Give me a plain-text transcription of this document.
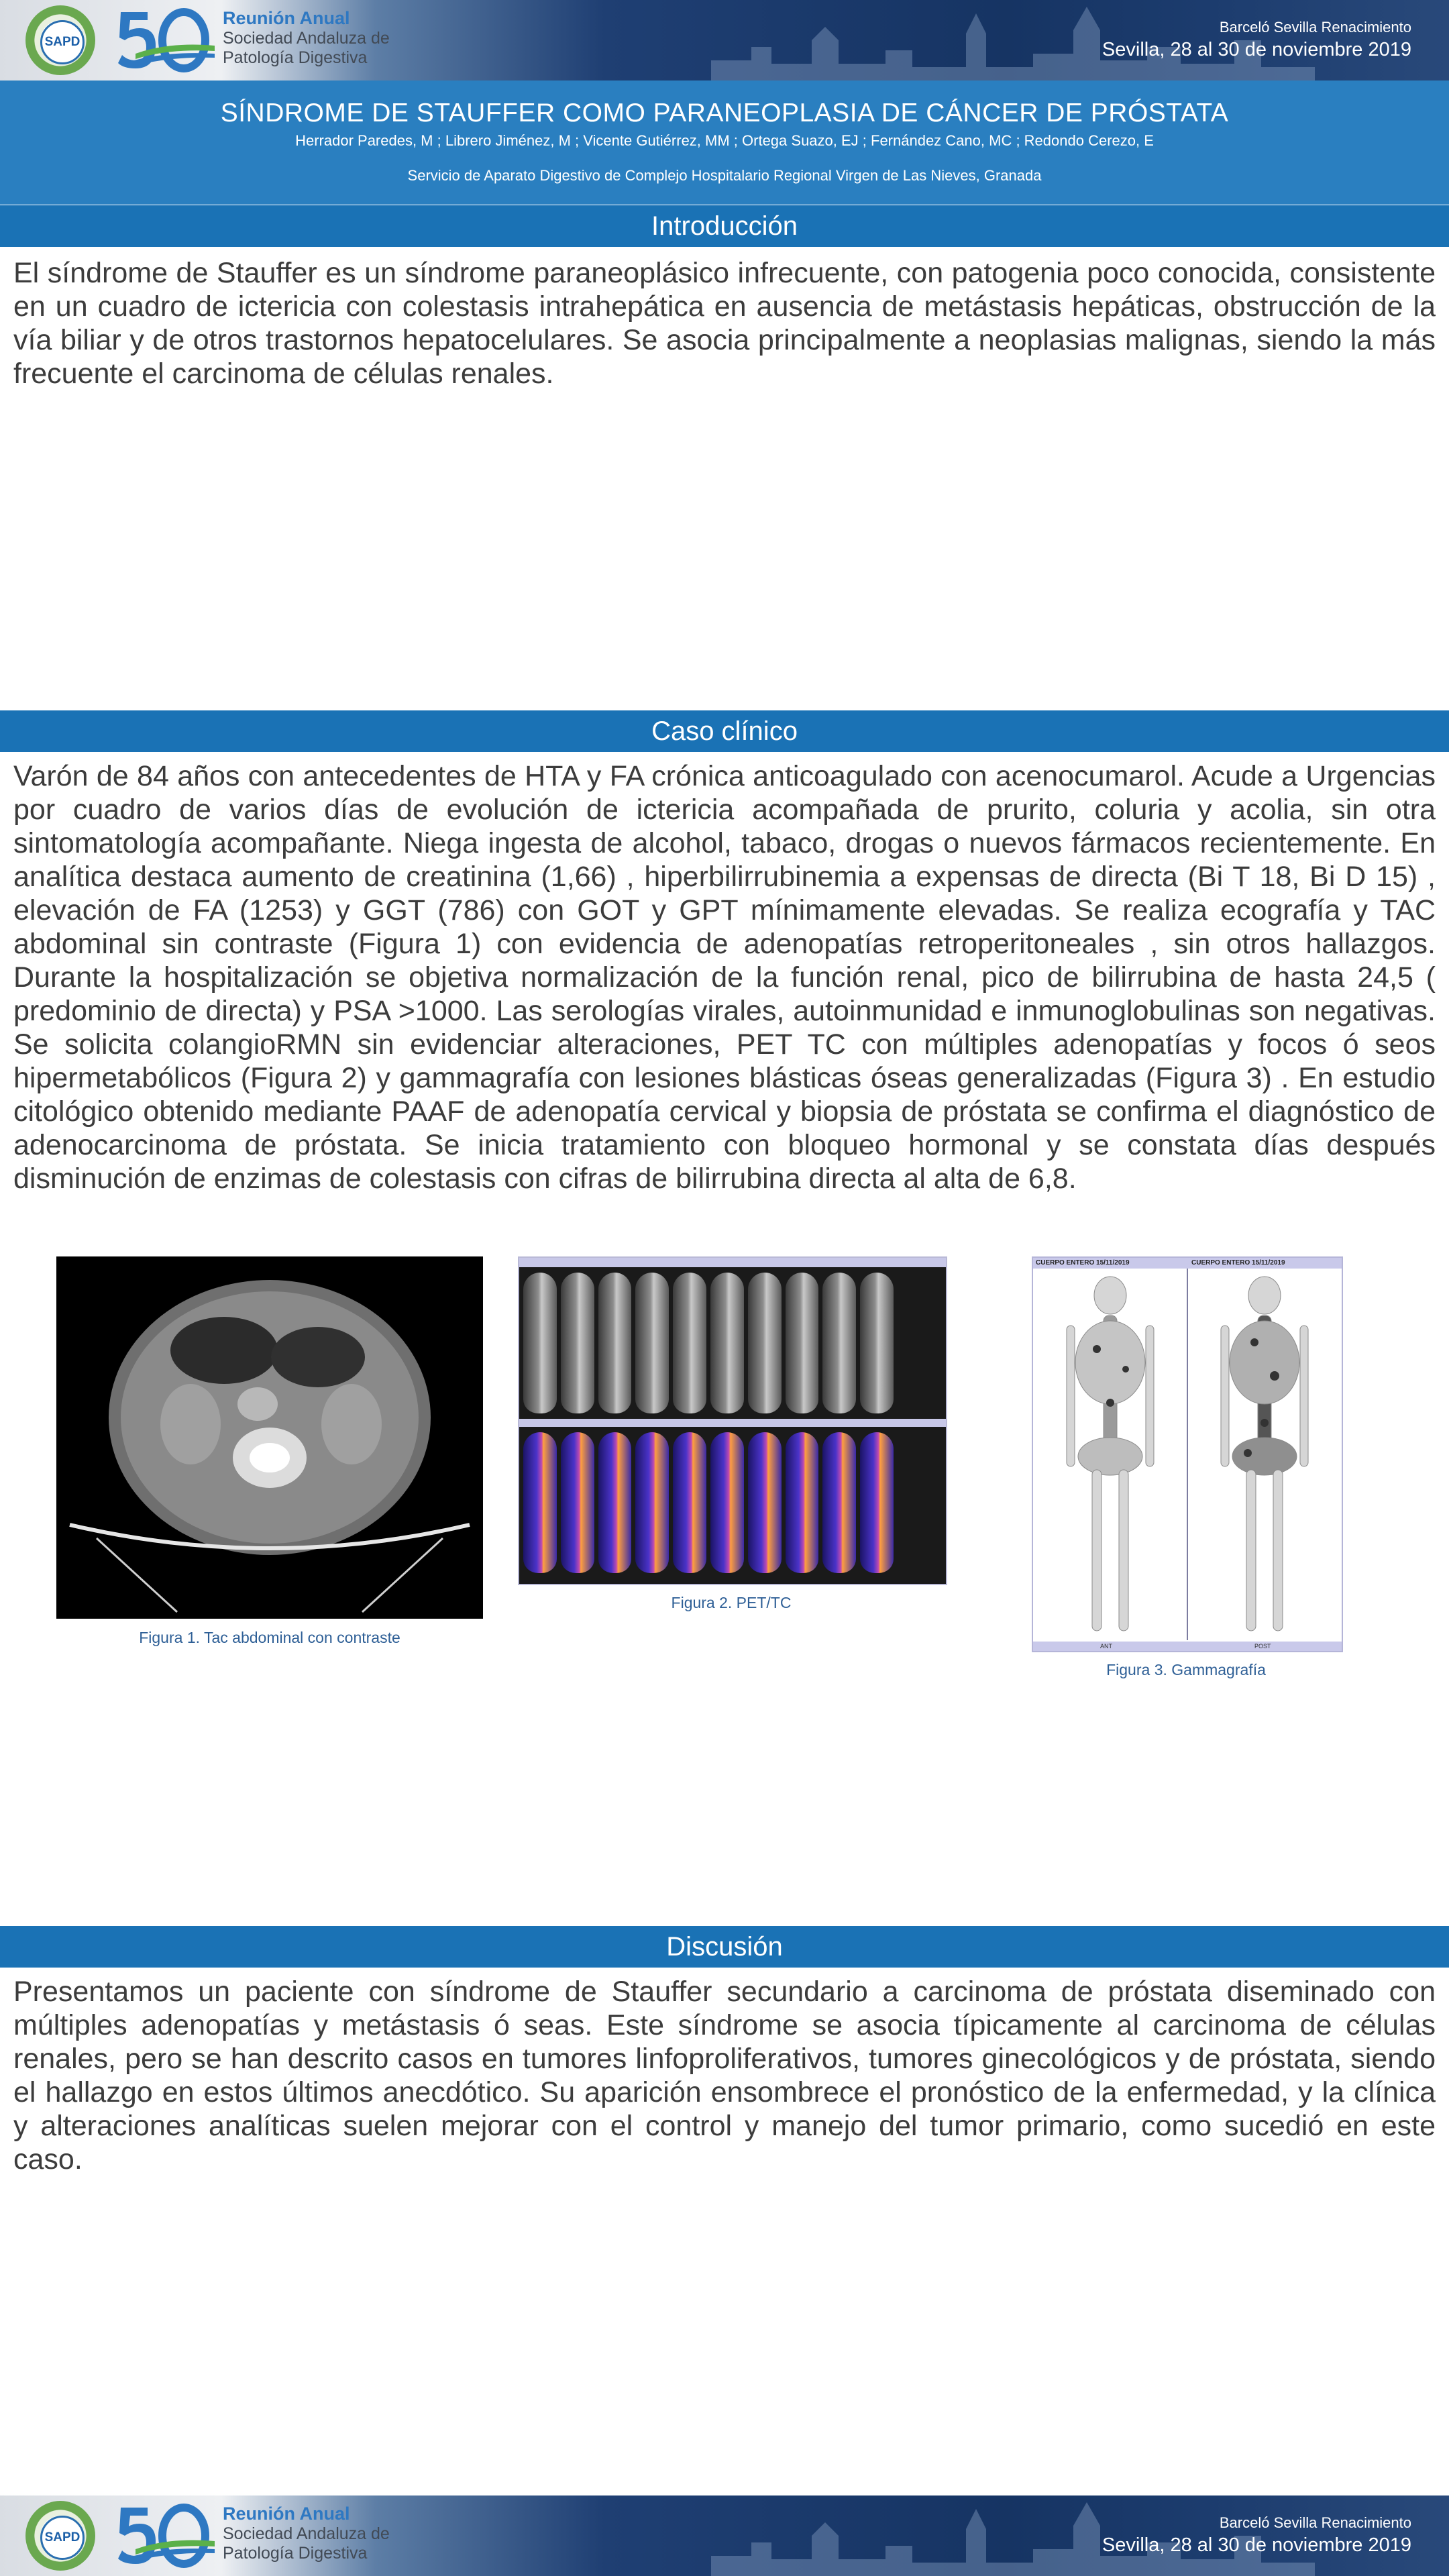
SAPD
Reunión Anual
Sociedad Andaluza de
Patología Digestiva
Barceló Sevilla Renacimiento
Sevilla, 28 al 30 de noviembre 2019
SÍNDROME DE STAUFFER COMO PARANEOPLASIA DE CÁNCER DE PRÓSTATA
Herrador Paredes, M ; Librero Jiménez, M ; Vicente Gutiérrez, MM ; Ortega Suazo, EJ ; Fernández Cano, MC ; Redondo Cerezo, E
Servicio de Aparato Digestivo de Complejo Hospitalario Regional Virgen de Las Nieves, Granada
Introducción
El síndrome de Stauffer es un síndrome paraneoplásico infrecuente, con patogenia poco conocida, consistente en un cuadro de ictericia con colestasis intrahepática en ausencia de metástasis hepáticas, obstrucción de la vía biliar y de otros trastornos hepatocelulares. Se asocia principalmente a neoplasias malignas, siendo la más frecuente el carcinoma de células renales.
Caso clínico
Varón de 84 años con antecedentes de HTA y FA crónica anticoagulado con acenocumarol. Acude a Urgencias por cuadro de varios días de evolución de ictericia acompañada de prurito, coluria y acolia, sin otra sintomatología acompañante. Niega ingesta de alcohol, tabaco, drogas o nuevos fármacos recientemente. En analítica destaca aumento de creatinina (1,66) , hiperbilirrubinemia a expensas de directa (Bi T 18, Bi D 15) , elevación de FA (1253) y GGT (786) con GOT y GPT mínimamente elevadas. Se realiza ecografía y TAC abdominal sin contraste (Figura 1) con evidencia de adenopatías retroperitoneales , sin otros hallazgos. Durante la hospitalización se objetiva normalización de la función renal, pico de bilirrubina de hasta 24,5 ( predominio de directa) y PSA >1000. Las serologías virales, autoinmunidad e inmunoglobulinas son negativas. Se solicita colangioRMN sin evidenciar alteraciones, PET TC con múltiples adenopatías y focos ó seos hipermetabólicos (Figura 2) y gammagrafía con lesiones blásticas óseas generalizadas (Figura 3) . En estudio citológico obtenido mediante PAAF de adenopatía cervical y biopsia de próstata se confirma el diagnóstico de adenocarcinoma de próstata. Se inicia tratamiento con bloqueo hormonal y se constata días después disminución de enzimas de colestasis con cifras de bilirrubina directa al alta de 6,8.
Figura 1. Tac abdominal con contraste
Figura 2. PET/TC
CUERPO ENTERO 15/11/2019	CUERPO ENTERO 15/11/2019
ANT	POST
Figura 3. Gammagrafía
Discusión
Presentamos un paciente con síndrome de Stauffer secundario a carcinoma de próstata diseminado con múltiples adenopatías y metástasis ó seas. Este síndrome se asocia típicamente al carcinoma de células renales, pero se han descrito casos en tumores linfoproliferativos, tumores ginecológicos y de próstata, siendo el hallazgo en estos últimos anecdótico. Su aparición ensombrece el pronóstico de la enfermedad, y la clínica y alteraciones analíticas suelen mejorar con el control y manejo del tumor primario, como sucedió en este caso.
SAPD
Reunión Anual
Sociedad Andaluza de
Patología Digestiva
Barceló Sevilla Renacimiento
Sevilla, 28 al 30 de noviembre 2019
